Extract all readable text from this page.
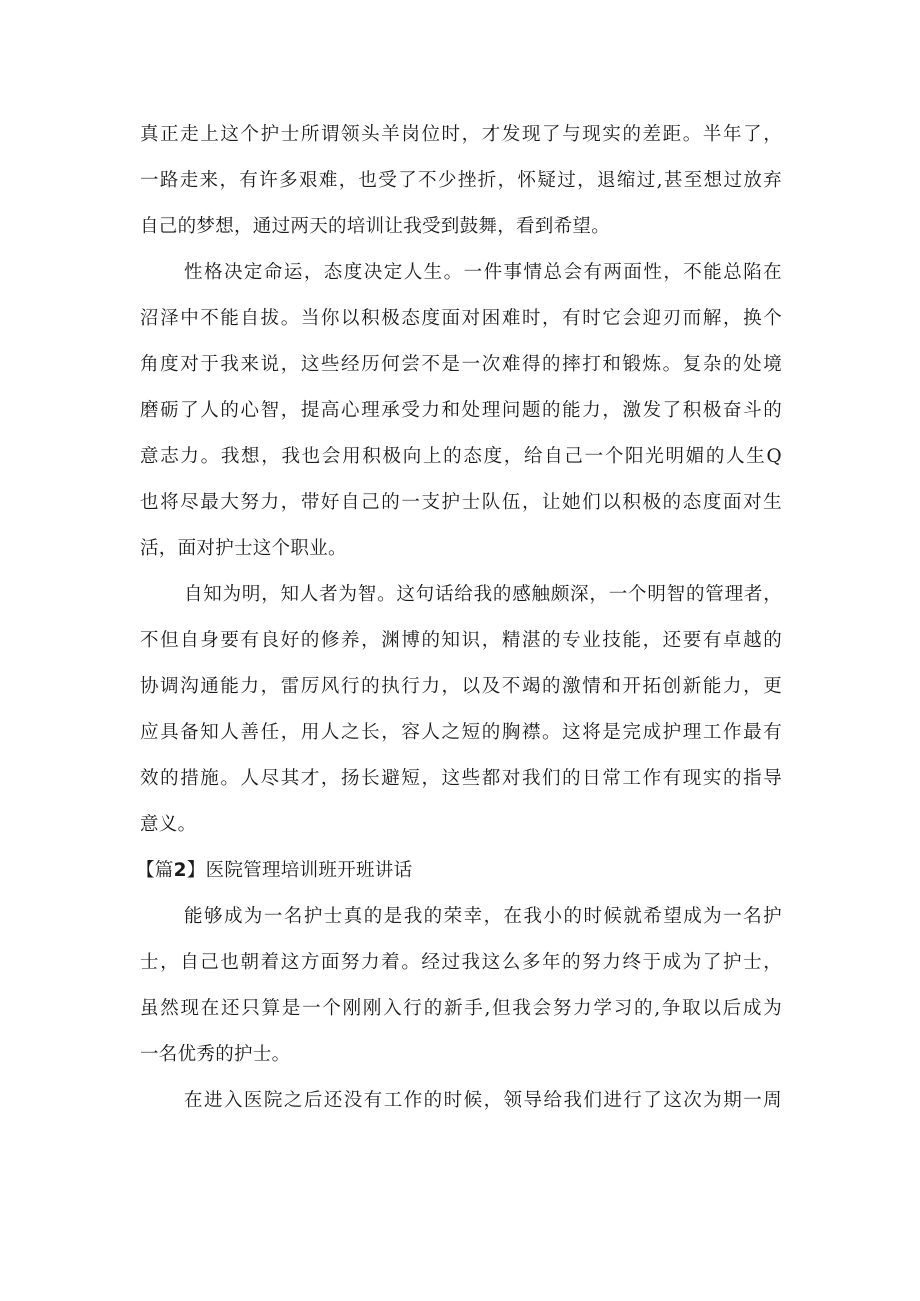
真正走上这个护士所谓领头羊岗位时，才发现了与现实的差距。半年了，
一路走来，有许多艰难，也受了不少挫折，怀疑过，退缩过,甚至想过放弃
自己的梦想，通过两天的培训让我受到鼓舞，看到希望。
性格决定命运，态度决定人生。一件事情总会有两面性，不能总陷在
沼泽中不能自拔。当你以积极态度面对困难时，有时它会迎刃而解，换个
角度对于我来说，这些经历何尝不是一次难得的摔打和锻炼。复杂的处境
磨砺了人的心智，提高心理承受力和处理问题的能力，激发了积极奋斗的
意志力。我想，我也会用积极向上的态度，给自己一个阳光明媚的人生Q
也将尽最大努力，带好自己的一支护士队伍，让她们以积极的态度面对生
活，面对护士这个职业。
自知为明，知人者为智。这句话给我的感触颇深，一个明智的管理者，
不但自身要有良好的修养，渊博的知识，精湛的专业技能，还要有卓越的
协调沟通能力，雷厉风行的执行力，以及不竭的激情和开拓创新能力，更
应具备知人善任，用人之长，容人之短的胸襟。这将是完成护理工作最有
效的措施。人尽其才，扬长避短，这些都对我们的日常工作有现实的指导
意义。
【篇2】医院管理培训班开班讲话
能够成为一名护士真的是我的荣幸，在我小的时候就希望成为一名护
士，自己也朝着这方面努力着。经过我这么多年的努力终于成为了护士，
虽然现在还只算是一个刚刚入行的新手,但我会努力学习的,争取以后成为
一名优秀的护士。
在进入医院之后还没有工作的时候，领导给我们进行了这次为期一周
